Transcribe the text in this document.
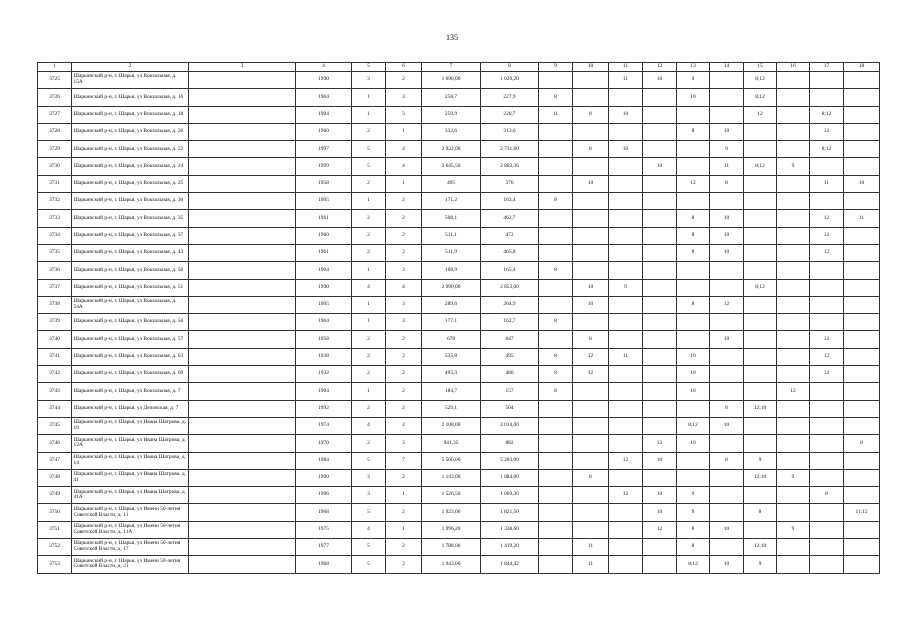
135
1	2	3	4	5	6	7	8	9	10	11	12	13	14	15	16	17	18
3725	Шарьинский р-н, г. Шарья, ул Вокзальная, д. 15А		1990	3	2	1 096,00	1 020,20			11	10	9		8;12			
3726	Шарьинский р-н, г. Шарья, ул Вокзальная, д. 16		1904	1	3	258,7	227,9	8				10		8;12			
3727	Шарьинский р-н, г. Шарья, ул Вокзальная, д. 18		1904	1	3	259,9	228,7	11	8	10				12		8;12	
3728	Шарьинский р-н, г. Шарья, ул Вокзальная, д. 20		1960	2	1	332,6	313,6					8	10			12	
3729	Шарьинский р-н, г. Шарья, ул Вокзальная, д. 22		1997	5	4	2 932,00	2 731,60		8	10			9			8;12	
3730	Шарьинский р-н, г. Шарья, ул Вокзальная, д. 24		1999	5	4	3 645,50	2 802,36				10		11	8;12	9		
3731	Шарьинский р-н, г. Шарья, ул Вокзальная, д. 25		1958	2	1	405	376		10			12	8			11	10
3732	Шарьинский р-н, г. Шарья, ул Вокзальная, д. 30		1905	1	2	171,2	163,4	8									
3733	Шарьинский р-н, г. Шарья, ул Вокзальная, д. 35		1961	2	2	508,1	462,7					8	10			12	11
3734	Шарьинский р-н, г. Шарья, ул Вокзальная, д. 37		1960	2	2	511,1	472					8	10			12	
3735	Шарьинский р-н, г. Шарья, ул Вокзальная, д. 43		1961	2	2	511,9	465,8					8	10			12	
3736	Шарьинский р-н, г. Шарья, ул Вокзальная, д. 50		1904	1	3	168,9	165,4	8									
3737	Шарьинский р-н, г. Шарья, ул Вокзальная, д. 51		1990	4	4	2 990,00	2 853,00		10	9				8;12			
3738	Шарьинский р-н, г. Шарья, ул Вокзальная, д. 54А		1905	1	3	289,6	264,9		10			8	12				
3739	Шарьинский р-н, г. Шарья, ул Вокзальная, д. 56		1904	1	3	177,1	162,7	8									
3740	Шарьинский р-н, г. Шарья, ул Вокзальная, д. 57		1958	2	2	678	647		8				10			12	
3741	Шарьинский р-н, г. Шарья, ул Вокзальная, д. 63		1938	2	2	535,8	495	8	12	11		10				12	
3742	Шарьинский р-н, г. Шарья, ул Вокзальная, д. 69		1932	2	2	495,3	480	8	12			10				12	
3743	Шарьинский р-н, г. Шарья, ул Вокзальная, д. 7		1904	1	2	184,7	157	8				10			12		
3744	Шарьинский р-н, г. Шарья, ул Деповская, д. 7		1992	2	2	529,1	504						8	12;10			
3745	Шарьинский р-н, г. Шарья, ул Ивана Шатрова, д. 10		1974	4	2	2 108,00	2 014,00					8;12	10				
3746	Шарьинский р-н, г. Шарья, ул Ивана Шатрова, д. 12А		1970	2	3	941,35	882				12	10					8
3747	Шарьинский р-н, г. Шарья, ул Ивана Шатрова, д. 14		1984	5	7	5 566,00	5 203,00			12	10		8	9			
3748	Шарьинский р-н, г. Шарья, ул Ивана Шатрова, д. 41		1990	3	2	1 143,00	1 084,00		8					12;10	9		
3749	Шарьинский р-н, г. Шарья, ул Ивана Шатрова, д. 41А		1996	3	1	1 526,50	1 069,30			12	10	9				8	
3750	Шарьинский р-н, г. Шарья, ул Имени 50-летия Советской Власти, д. 11		1968	5	2	1 923,00	1 821,50				10	9		8			11;12
3751	Шарьинский р-н, г. Шарья, ул Имени 50-летия Советской Власти, д. 11А		1975	4	1	1 996,20	1 338,60				12	8	10		9		
3752	Шарьинский р-н, г. Шарья, ул Имени 50-летия Советской Власти, д. 17		1977	5	2	1 788,00	1 419,20		11			8		12;10			
3753	Шарьинский р-н, г. Шарья, ул Имени 50-летия Советской Власти, д. 21		1968	5	2	1 943,00	1 844,42		11			8;12	10	9			
